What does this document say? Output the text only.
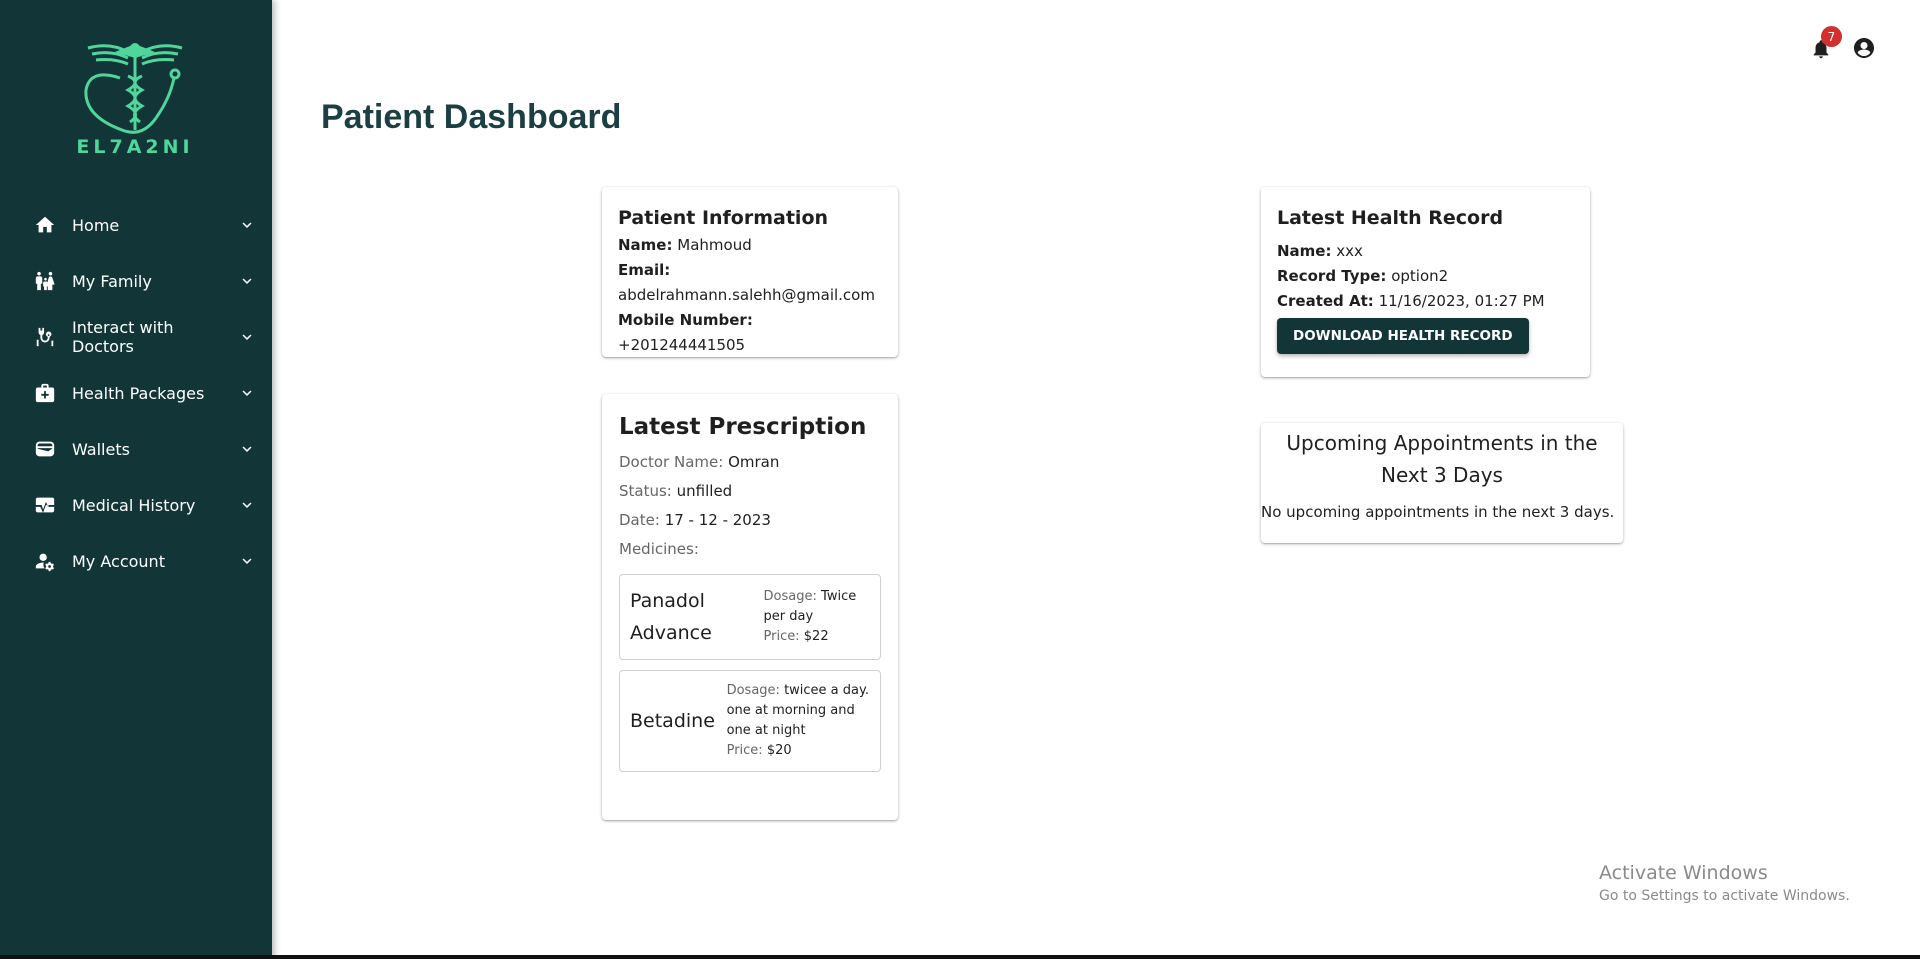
EL7A2NI
Home
My Family
Interact with Doctors
Health Packages
Wallets
Medical History
My Account
7
Patient Dashboard
Patient Information
Name: Mahmoud
Email:
abdelrahmann.salehh@gmail.com
Mobile Number: +201244441505
Latest Prescription
Doctor Name: Omran
Status: unfilled
Date: 17 - 12 - 2023
Medicines:
Panadol Advance
Dosage: Twice per day
Price: $22
Betadine
Dosage: twicee a day. one at morning and one at night
Price: $20
Latest Health Record
Name: xxx
Record Type: option2
Created At: 11/16/2023, 01:27 PM
DOWNLOAD HEALTH RECORD
Upcoming Appointments in the Next 3 Days

No upcoming appointments in the next 3 days.

Activate Windows
Go to Settings to activate Windows.
